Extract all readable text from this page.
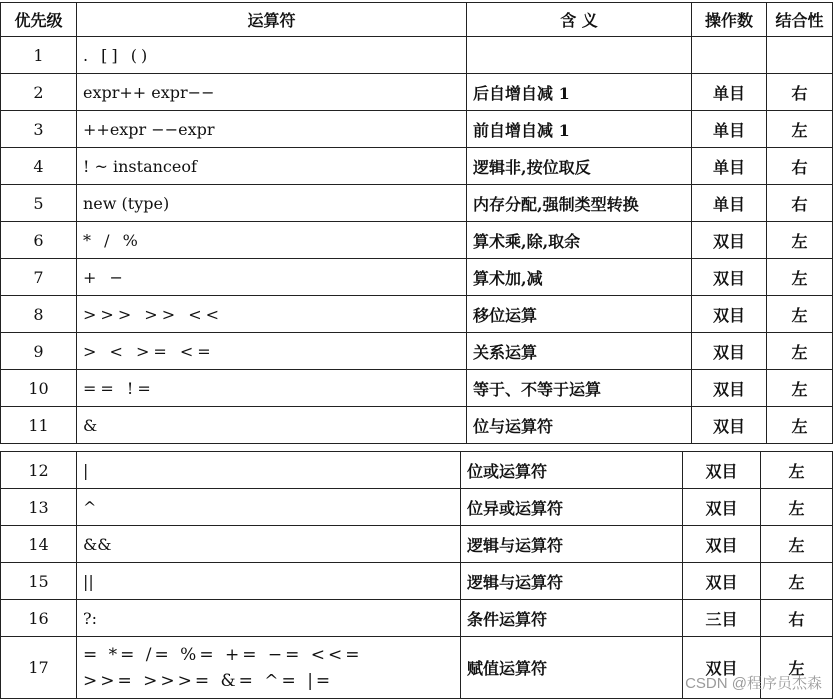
优先级	运算符	含 义	操作数	结合性
1	. [] ()			
2	expr++ expr−−	后自增自减 1	单目	右
3	++expr −−expr	前自增自减 1	单目	左
4	! ~ instanceof	逻辑非,按位取反	单目	右
5	new (type)	内存分配,强制类型转换	单目	右
6	* / %	算术乘,除,取余	双目	左
7	+ −	算术加,减	双目	左
8	>>> >> <<	移位运算	双目	左
9	> < >= <=	关系运算	双目	左
10	== !=	等于、不等于运算	双目	左
11	&	位与运算符	双目	左
12	|	位或运算符	双目	左
13	^	位异或运算符	双目	左
14	&&	逻辑与运算符	双目	左
15	||	逻辑与运算符	双目	左
16	?:	条件运算符	三目	右
17	= *= /= %= += −= <<=
>>= >>>= &= ^= |=	赋值运算符	双目	左
CSDN @程序员杰森
